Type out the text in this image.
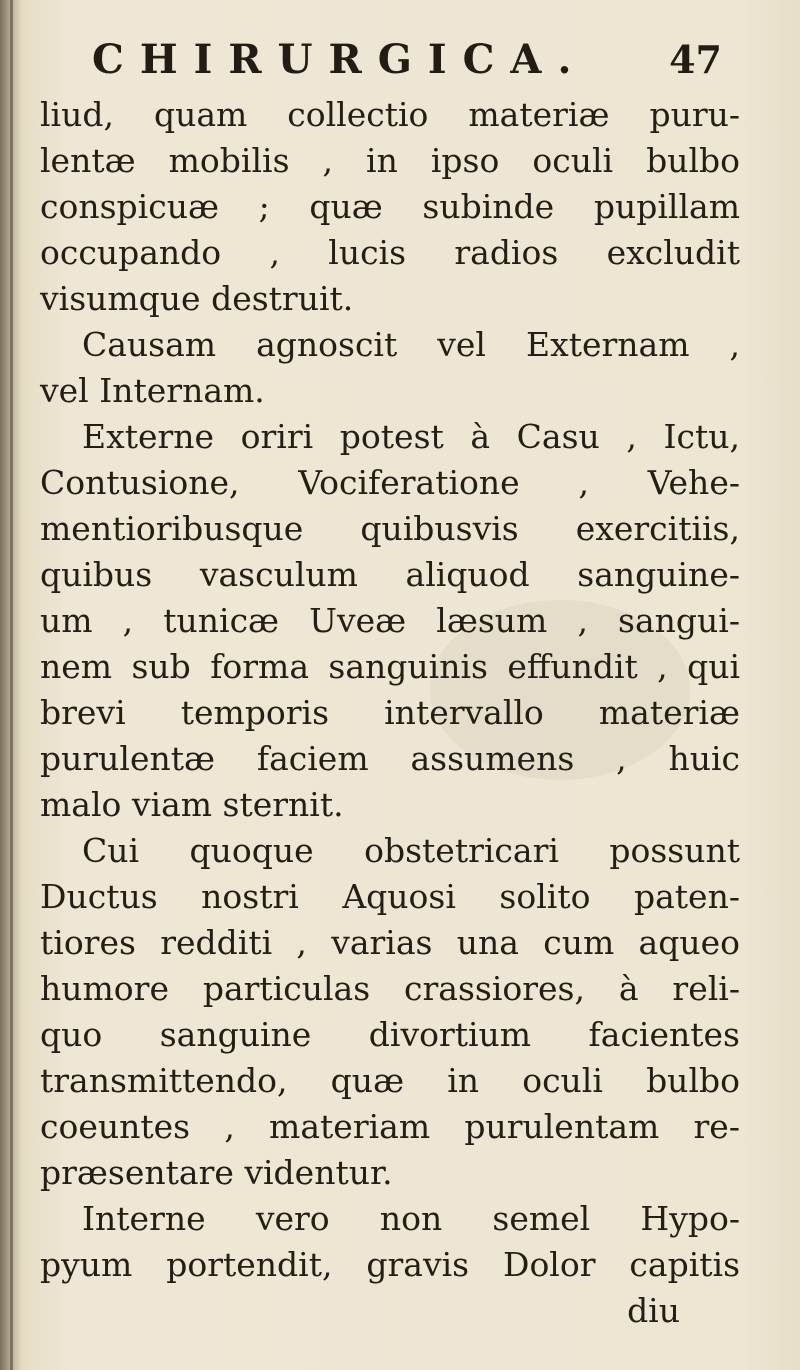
CHIRURGICA. 47
liud, quam collectio materiæ puru-
lentæ mobilis , in ipso oculi bulbo
conspicuæ ; quæ subinde pupillam
occupando , lucis radios excludit
visumque destruit.
Causam agnoscit vel Externam ,
vel Internam.
Externe oriri potest à Casu , Ictu,
Contusione, Vociferatione , Vehe-
mentioribusque quibusvis exercitiis,
quibus vasculum aliquod sanguine-
um , tunicæ Uveæ læsum , sangui-
nem sub forma sanguinis effundit , qui
brevi temporis intervallo materiæ
purulentæ faciem assumens , huic
malo viam sternit.
Cui quoque obstetricari possunt
Ductus nostri Aquosi solito paten-
tiores redditi , varias una cum aqueo
humore particulas crassiores, à reli-
quo sanguine divortium facientes
transmittendo, quæ in oculi bulbo
coeuntes , materiam purulentam re-
præsentare videntur.
Interne vero non semel Hypo-
pyum portendit, gravis Dolor capitis
diu
